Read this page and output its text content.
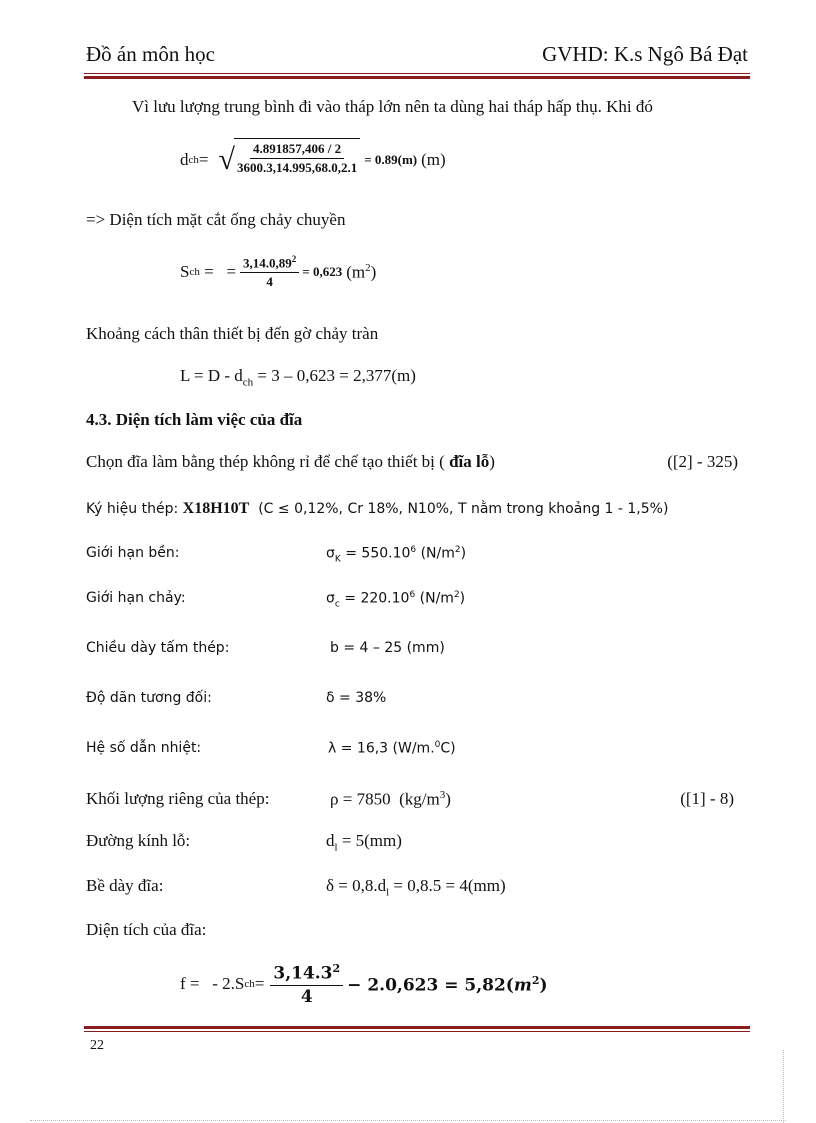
Đồ án môn học	GVHD: K.s Ngô Bá Đạt
Vì lưu lượng trung bình đi vào tháp lớn nên ta dùng hai tháp hấp thụ. Khi đó
d ch = √ $\frac{4.891857,406 / 2}{3600.3,14.995,68.0,2.1} = 0.89(m)$ (m)
=> Diện tích mặt cắt ống chảy chuyền
S ch =   = $\frac{3,14.0,89^2}{4} = 0,623$ $(m^2)$
Khoảng cách thân thiết bị đến gờ chảy tràn
$L = D - d_{ch} = 3 - 0,623 = 2,377(m)$
4.3. Diện tích làm việc của đĩa
Chọn đĩa làm bằng thép không rỉ để chế tạo thiết bị ( đĩa lỗ)	([2] - 325)
Ký hiệu thép: X18H10T  (C ≤ 0,12%, Cr 18%, N10%, T nằm trong khoảng 1 - 1,5%)
Giới hạn bền:	$\sigma_K = 550.10^6$ $(N/m^2)$
Giới hạn chảy:	$\sigma_c = 220.10^6$ $(N/m^2)$
Chiều dày tấm thép:	b = 4 – 25 (mm)
Độ dãn tương đối:	δ = 38%
Hệ số dẫn nhiệt:	λ = 16,3 (W/m.$^0$C)
Khối lượng riêng của thép:	ρ = 7850  $(kg/m^3)$	([1] - 8)
Đường kính lỗ:	$d_l = 5(mm)$
Bề dày đĩa:	$\delta = 0,8.d_l = 0,8.5 = 4(mm)$
Diện tích của đĩa:
f =   - 2.S ch = $\frac{3,14.3^2}{4} - 2.0,623 = 5,82(m^2)$
22
